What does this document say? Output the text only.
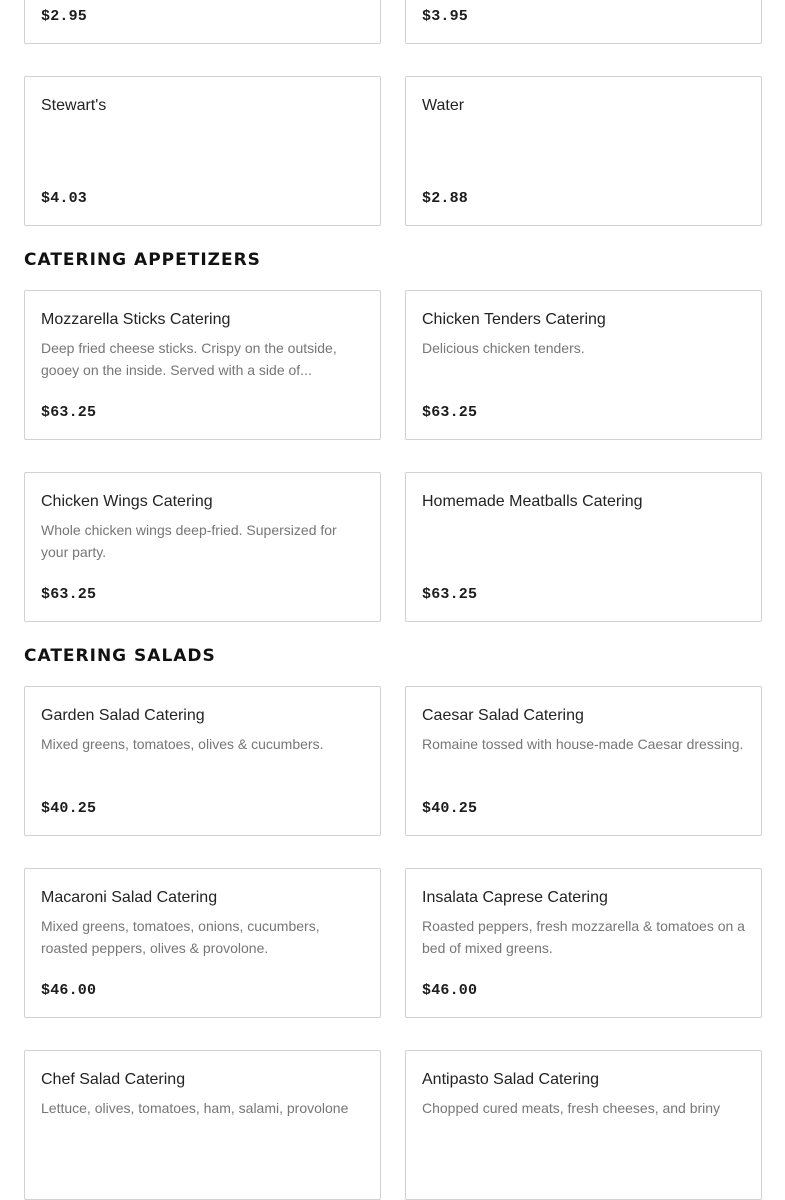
$2.95	$3.95
Stewart's
$4.03
Water
$2.88
CATERING APPETIZERS
Mozzarella Sticks Catering
Deep fried cheese sticks. Crispy on the outside, gooey on the inside. Served with a side of...
$63.25
Chicken Tenders Catering
Delicious chicken tenders.
$63.25
Chicken Wings Catering
Whole chicken wings deep-fried. Supersized for your party.
$63.25
Homemade Meatballs Catering
$63.25
CATERING SALADS
Garden Salad Catering
Mixed greens, tomatoes, olives & cucumbers.
$40.25
Caesar Salad Catering
Romaine tossed with house-made Caesar dressing.
$40.25
Macaroni Salad Catering
Mixed greens, tomatoes, onions, cucumbers, roasted peppers, olives & provolone.
$46.00
Insalata Caprese Catering
Roasted peppers, fresh mozzarella & tomatoes on a bed of mixed greens.
$46.00
Chef Salad Catering
Lettuce, olives, tomatoes, ham, salami, provolone
Antipasto Salad Catering
Chopped cured meats, fresh cheeses, and briny
